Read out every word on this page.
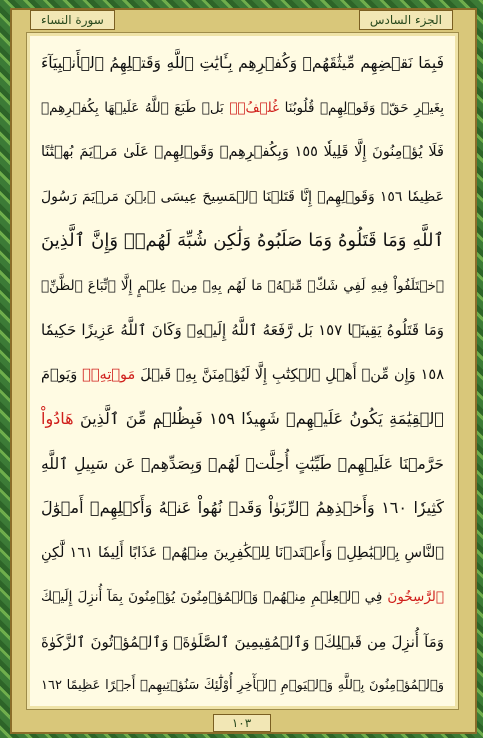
الجزء السادس
سورة النساء
فَبِمَا نَقۡضِهِم مِّيثَٰقَهُمۡ وَكُفۡرِهِم بِـَٔايَٰتِ ٱللَّهِ وَقَتۡلِهِمُ ٱلۡأَنۢبِيَآءَ
بِغَيۡرِ حَقّٖ وَقَوۡلِهِمۡ قُلُوبُنَا غُلۡفُۢۚ بَلۡ طَبَعَ ٱللَّهُ عَلَيۡهَا بِكُفۡرِهِمۡ
فَلَا يُؤۡمِنُونَ إِلَّا قَلِيلٗا ١٥٥ وَبِكُفۡرِهِمۡ وَقَوۡلِهِمۡ عَلَىٰ مَرۡيَمَ بُهۡتَٰنًا
عَظِيمٗا ١٥٦ وَقَوۡلِهِمۡ إِنَّا قَتَلۡنَا ٱلۡمَسِيحَ عِيسَى ٱبۡنَ مَرۡيَمَ رَسُولَ
ٱللَّهِ وَمَا قَتَلُوهُ وَمَا صَلَبُوهُ وَلَٰكِن شُبِّهَ لَهُمۡۚ وَإِنَّ ٱلَّذِينَ
ٱخۡتَلَفُواْ فِيهِ لَفِي شَكّٖ مِّنۡهُۚ مَا لَهُم بِهِۦ مِنۡ عِلۡمٍ إِلَّا ٱتِّبَاعَ ٱلظَّنِّۚ
وَمَا قَتَلُوهُ يَقِينَۢا ١٥٧ بَل رَّفَعَهُ ٱللَّهُ إِلَيۡهِۚ وَكَانَ ٱللَّهُ عَزِيزًا حَكِيمٗا
١٥٨ وَإِن مِّنۡ أَهۡلِ ٱلۡكِتَٰبِ إِلَّا لَيُؤۡمِنَنَّ بِهِۦ قَبۡلَ مَوۡتِهِۦۖ وَيَوۡمَ
ٱلۡقِيَٰمَةِ يَكُونُ عَلَيۡهِمۡ شَهِيدٗا ١٥٩ فَبِظُلۡمٖ مِّنَ ٱلَّذِينَ هَادُواْ
حَرَّمۡنَا عَلَيۡهِمۡ طَيِّبَٰتٍ أُحِلَّتۡ لَهُمۡ وَبِصَدِّهِمۡ عَن سَبِيلِ ٱللَّهِ
كَثِيرٗا ١٦٠ وَأَخۡذِهِمُ ٱلرِّبَوٰاْ وَقَدۡ نُهُواْ عَنۡهُ وَأَكۡلِهِمۡ أَمۡوَٰلَ
ٱلنَّاسِ بِٱلۡبَٰطِلِۚ وَأَعۡتَدۡنَا لِلۡكَٰفِرِينَ مِنۡهُمۡ عَذَابًا أَلِيمٗا ١٦١ لَّٰكِنِ
ٱلرَّٰسِخُونَ فِي ٱلۡعِلۡمِ مِنۡهُمۡ وَٱلۡمُؤۡمِنُونَ يُؤۡمِنُونَ بِمَآ أُنزِلَ إِلَيۡكَ
وَمَآ أُنزِلَ مِن قَبۡلِكَۚ وَٱلۡمُقِيمِينَ ٱلصَّلَوٰةَۚ وَٱلۡمُؤۡتُونَ ٱلزَّكَوٰةَ
وَٱلۡمُؤۡمِنُونَ بِٱللَّهِ وَٱلۡيَوۡمِ ٱلۡأٓخِرِ أُوْلَٰٓئِكَ سَنُؤۡتِيهِمۡ أَجۡرًا عَظِيمًا ١٦٢
١٠٣
